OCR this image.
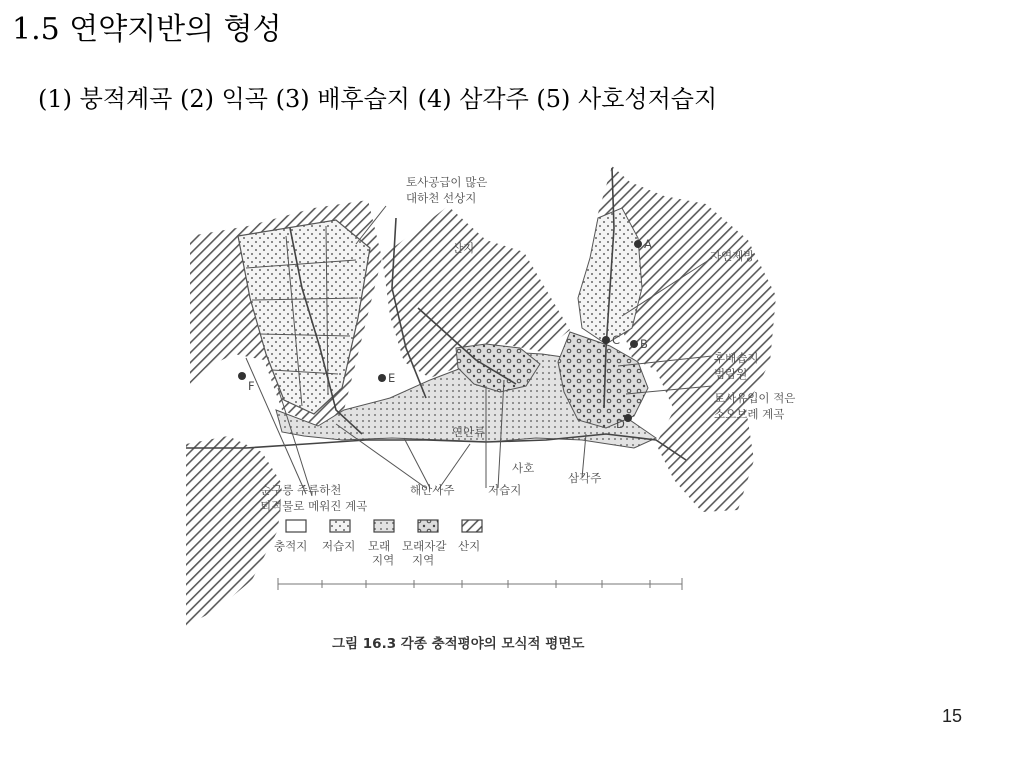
1.5 연약지반의 형성
(1) 붕적계곡 (2) 익곡 (3) 배후습지 (4) 삼각주 (5) 사호성저습지
A
B
C
D
E
F
토사공급이 많은
대하천 선상지
산지
자연제방
후배습지
범람원
토사유입이 적은
소오브레 계곡
연안류
사호
삼각주
순구릉 주류하천
퇴적물로 메워진 계곡
해안사주	저습지
충적지 저습지 모래 지역
모래자갈 지역
산지
그림 16.3 각종 충적평야의 모식적 평면도
15
